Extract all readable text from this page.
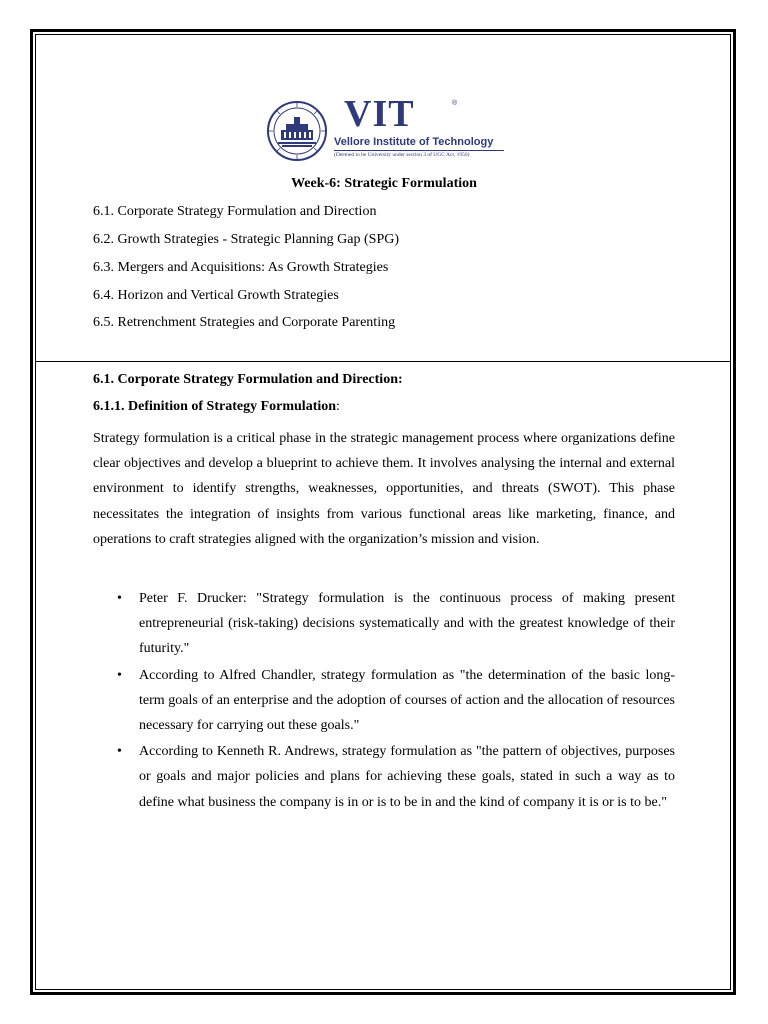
VIT	®
Vellore Institute of Technology
(Deemed to be University under section 3 of UGC Act, 1956)
Week-6: Strategic Formulation
6.1. Corporate Strategy Formulation and Direction
6.2. Growth Strategies - Strategic Planning Gap (SPG)
6.3. Mergers and Acquisitions: As Growth Strategies
6.4. Horizon and Vertical Growth Strategies
6.5. Retrenchment Strategies and Corporate Parenting
6.1. Corporate Strategy Formulation and Direction:
6.1.1. Definition of Strategy Formulation:
Strategy formulation is a critical phase in the strategic management process where organizations define clear objectives and develop a blueprint to achieve them. It involves analysing the internal and external environment to identify strengths, weaknesses, opportunities, and threats (SWOT). This phase necessitates the integration of insights from various functional areas like marketing, finance, and operations to craft strategies aligned with the organization’s mission and vision.
• Peter F. Drucker: "Strategy formulation is the continuous process of making present entrepreneurial (risk-taking) decisions systematically and with the greatest knowledge of their futurity."
• According to Alfred Chandler, strategy formulation as "the determination of the basic long-term goals of an enterprise and the adoption of courses of action and the allocation of resources necessary for carrying out these goals."
• According to Kenneth R. Andrews, strategy formulation as "the pattern of objectives, purposes or goals and major policies and plans for achieving these goals, stated in such a way as to define what business the company is in or is to be in and the kind of company it is or is to be."
